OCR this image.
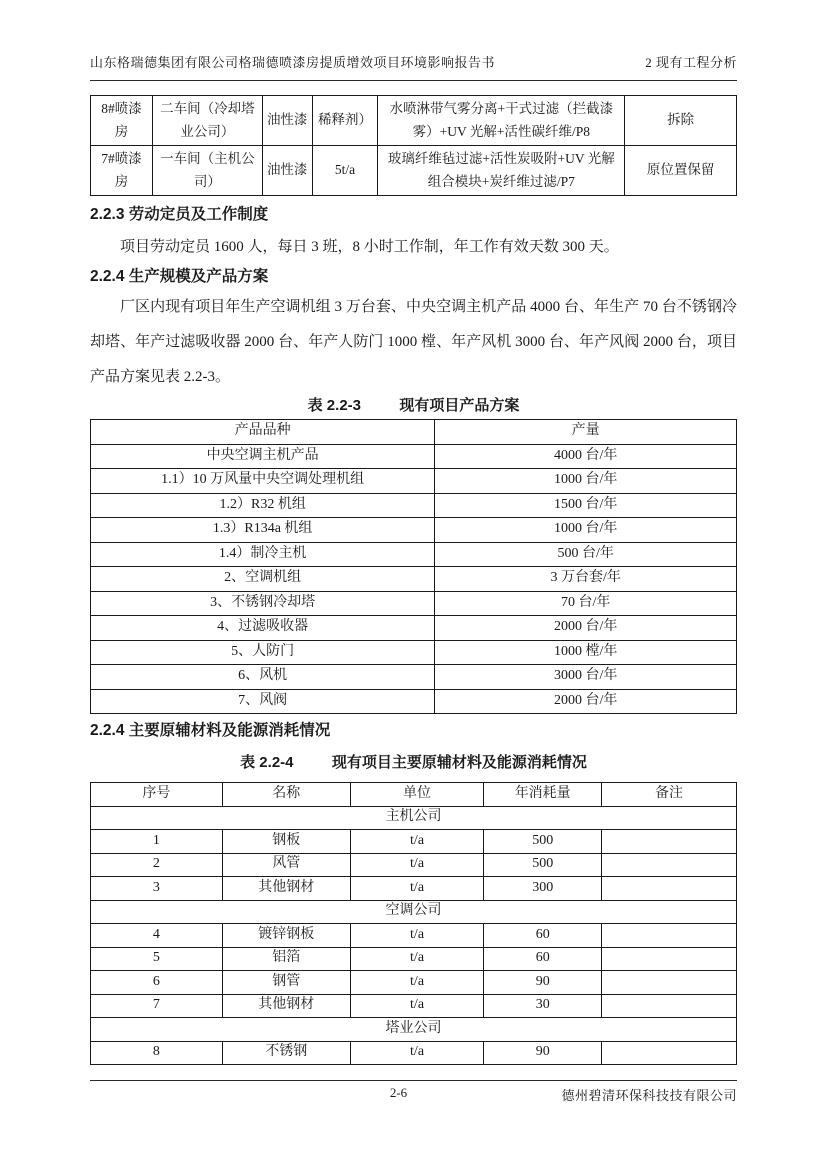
山东格瑞德集团有限公司格瑞德喷漆房提质增效项目环境影响报告书	2 现有工程分析
8#喷漆房	二车间（冷却塔业公司）	油性漆	稀释剂）	水喷淋带气雾分离+干式过滤（拦截漆雾）+UV 光解+活性碳纤维/P8	拆除
7#喷漆房	一车间（主机公司）	油性漆	5t/a	玻璃纤维毡过滤+活性炭吸附+UV 光解组合模块+炭纤维过滤/P7	原位置保留

2.2.3 劳动定员及工作制度

项目劳动定员 1600 人，每日 3 班，8 小时工作制，年工作有效天数 300 天。

2.2.4 生产规模及产品方案

厂区内现有项目年生产空调机组 3 万台套、中央空调主机产品 4000 台、年生产 70 台不锈钢冷却塔、年产过滤吸收器 2000 台、年产人防门 1000 樘、年产风机 3000 台、年产风阀 2000 台，项目产品方案见表 2.2-3。

表 2.2-3	现有项目产品方案

产品品种	产量
中央空调主机产品	4000 台/年
1.1）10 万风量中央空调处理机组	1000 台/年
1.2）R32 机组	1500 台/年
1.3）R134a 机组	1000 台/年
1.4）制冷主机	500 台/年
2、空调机组	3 万台套/年
3、不锈钢冷却塔	70 台/年
4、过滤吸收器	2000 台/年
5、人防门	1000 樘/年
6、风机	3000 台/年
7、风阀	2000 台/年

2.2.4 主要原辅材料及能源消耗情况

表 2.2-4	现有项目主要原辅材料及能源消耗情况

序号	名称	单位	年消耗量	备注
主机公司				
1	钢板	t/a	500	
2	风管	t/a	500	
3	其他钢材	t/a	300	
空调公司				
4	镀锌钢板	t/a	60	
5	铝箔	t/a	60	
6	钢管	t/a	90	
7	其他钢材	t/a	30	
塔业公司				
8	不锈钢	t/a	90	
2-6	德州碧清环保科技技有限公司
